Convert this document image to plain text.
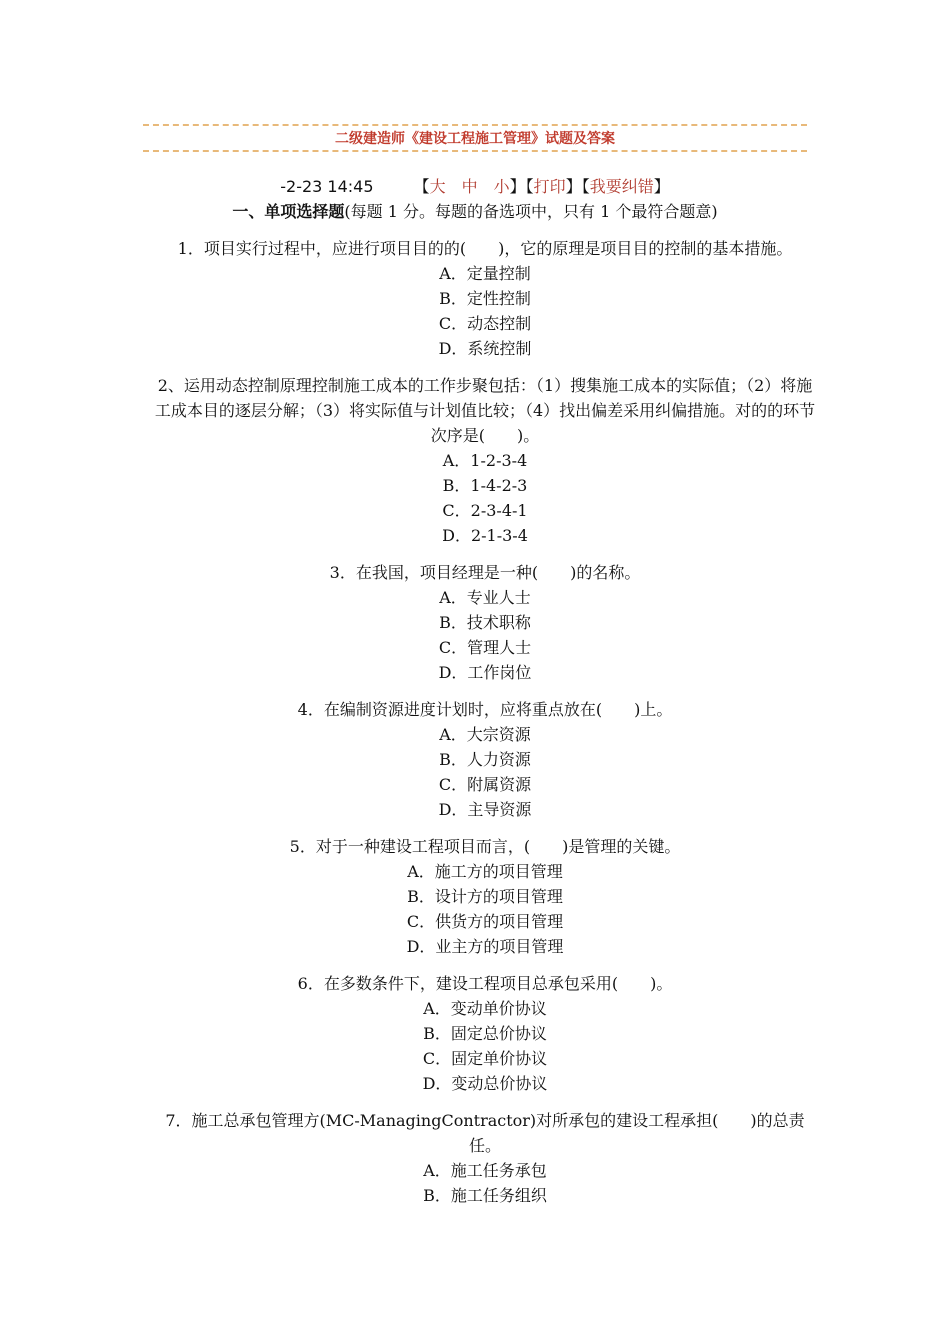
二级建造师《建设工程施工管理》试题及答案
-2-23 14:45　　　	【大　 中　 小】【打印】【我要纠错】
一、单项选择题(每题 1 分。每题的备选项中，只有 1 个最符合题意)
1．项目实行过程中，应进行项目目的的(　　)，它的原理是项目目的控制的基本措施。
A．定量控制
B．定性控制
C．动态控制
D．系统控制
2、运用动态控制原理控制施工成本的工作步聚包括：（1）搜集施工成本的实际值；（2）将施工成本目的逐层分解；（3）将实际值与计划值比较；（4）找出偏差采用纠偏措施。对的的环节次序是(　　)。
A．1-2-3-4
B．1-4-2-3
C．2-3-4-1
D．2-1-3-4
3．在我国，项目经理是一种(　　)的名称。
A．专业人士
B．技术职称
C．管理人士
D．工作岗位
4．在编制资源进度计划时，应将重点放在(　　)上。
A．大宗资源
B．人力资源
C．附属资源
D．主导资源
5．对于一种建设工程项目而言，(　　)是管理的关键。
A．施工方的项目管理
B．设计方的项目管理
C．供货方的项目管理
D．业主方的项目管理
6．在多数条件下，建设工程项目总承包采用(　　)。
A．变动单价协议
B．固定总价协议
C．固定单价协议
D．变动总价协议
7．施工总承包管理方(MC-ManagingContractor)对所承包的建设工程承担(　　)的总责任。
A．施工任务承包
B．施工任务组织
